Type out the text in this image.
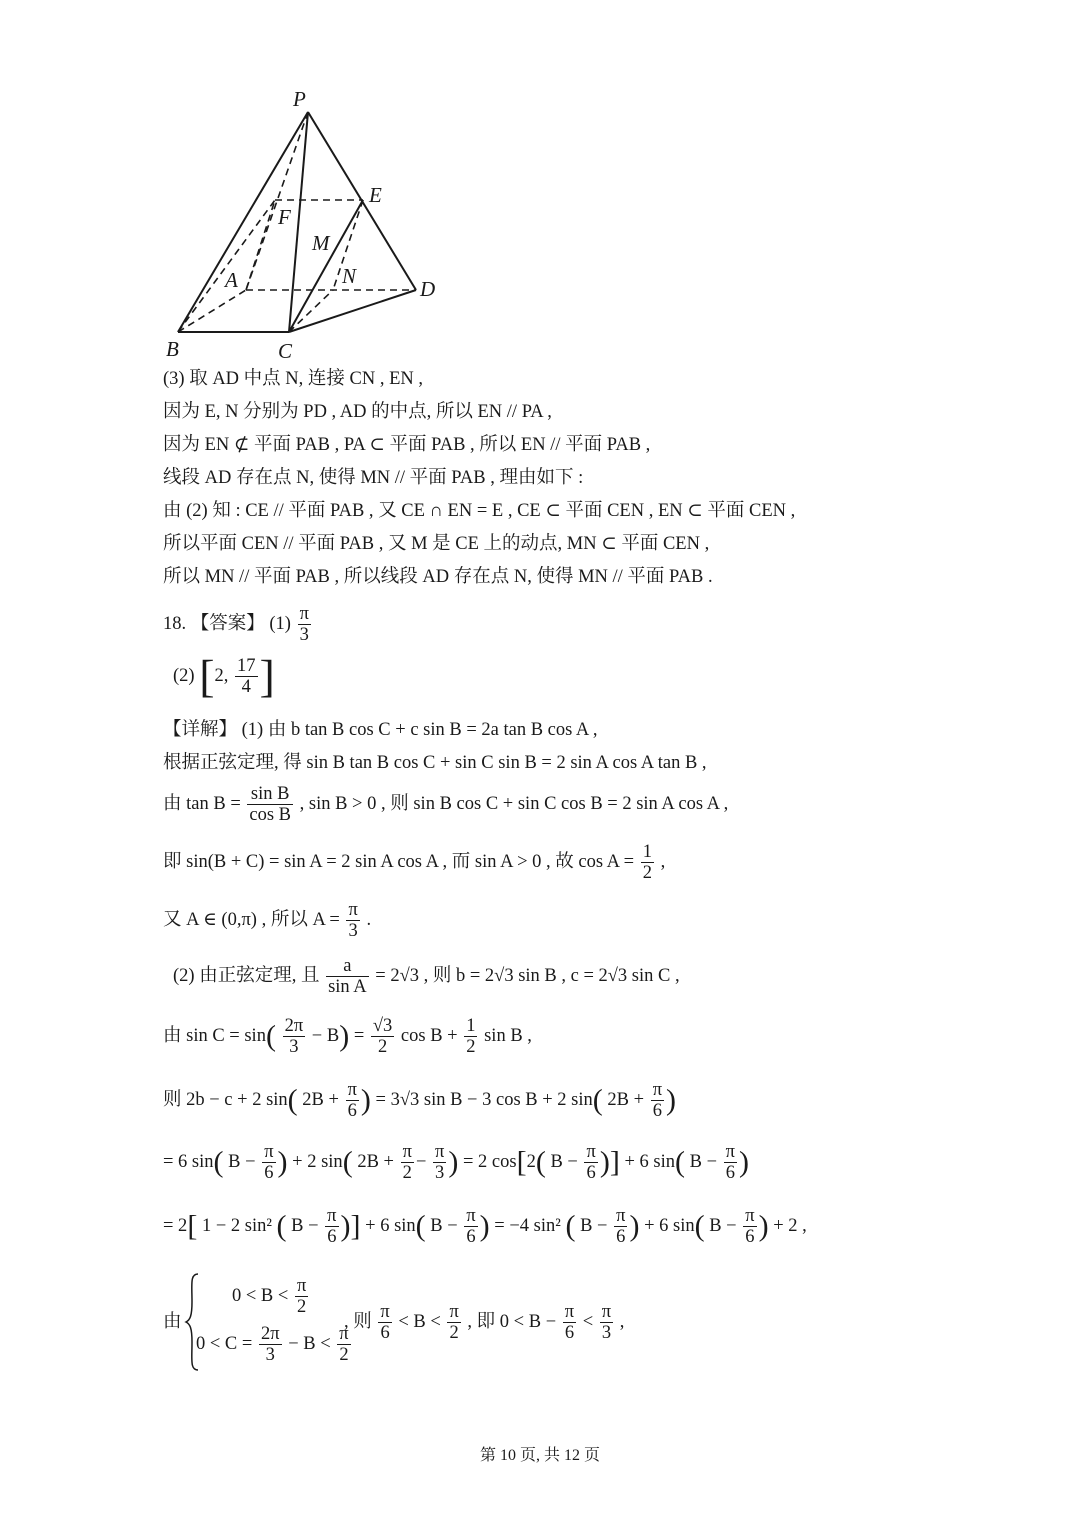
P
E
F
M
A	N
D
B	C
(3) 取 AD 中点 N, 连接 CN , EN ,
因为 E, N 分别为 PD , AD 的中点, 所以 EN // PA ,
因为 EN ⊄ 平面 PAB , PA ⊂ 平面 PAB , 所以 EN // 平面 PAB ,
线段 AD 存在点 N, 使得 MN // 平面 PAB , 理由如下 :
由 (2) 知 : CE // 平面 PAB , 又 CE ∩ EN = E , CE ⊂ 平面 CEN , EN ⊂ 平面 CEN ,
所以平面 CEN // 平面 PAB , 又 M 是 CE 上的动点, MN ⊂ 平面 CEN ,
所以 MN // 平面 PAB , 所以线段 AD 存在点 N, 使得 MN // 平面 PAB .
18. 【答案】 $(1) \frac{\pi}{3}$
(2) [2, $\frac{17}{4}$ ]
【详解】 (1) 由 b tan B cos C + c sin B = 2a tan B cos A ,
根据正弦定理, 得 sin B tan B cos C + sin C sin B = 2 sin A cos A tan B ,
由 $\tan B = \frac{\text{sin B}}{\text{cos B}}$ , sin B > 0 , 则 sin B cos C + sin C cos B = 2 sin A cos A ,
即 sin(B + C) = sin A = 2 sin A cos A , 而 sin A > 0 , 故 $\cos A = \frac{1}{2}$ ,
又 A ∈ (0,π) , 所以 $A = \frac{\pi}{3}$ .
(2) 由正弦定理, 且 $\frac{a}{\text{sin A}} = 2√3$ , 则 b = 2√3 sin B , c = 2√3 sin C ,
由 $\sin C = \sin( \frac{2\pi}{3} - B) = \frac{√3}{2}$ $\cos B + \frac{1}{2}$ sin B ,
则 2b − c + 2 sin( $2B + \frac{\pi}{6}$ ) = 3√3 sin B − 3 cos B + 2 sin( $2B + \frac{\pi}{6}$ )
= 6 sin( $B - \frac{\pi}{6}$ ) + 2 sin( $2B + \frac{\pi}{2} - \frac{\pi}{3}$ ) = 2 cos[2( $B - \frac{\pi}{6}$ )] + 6 sin( $B - \frac{\pi}{6}$ )
= 2[ 1 − 2 sin² ( $B - \frac{\pi}{6}$ )] + 6 sin( $B - \frac{\pi}{6}$ ) = −4 sin² ( $B - \frac{\pi}{6}$ ) + 6 sin( $B - \frac{\pi}{6}$ ) + 2 ,
由
$0 < B < \frac{\pi}{2}$
$0 < C = \frac{2\pi}{3} - B < \frac{\pi}{2}$
, 则 $\frac{\pi}{6} < B < \frac{\pi}{2}$ , 即 $0 < B - \frac{\pi}{6} < \frac{\pi}{3}$ ,
第 10 页, 共 12 页
